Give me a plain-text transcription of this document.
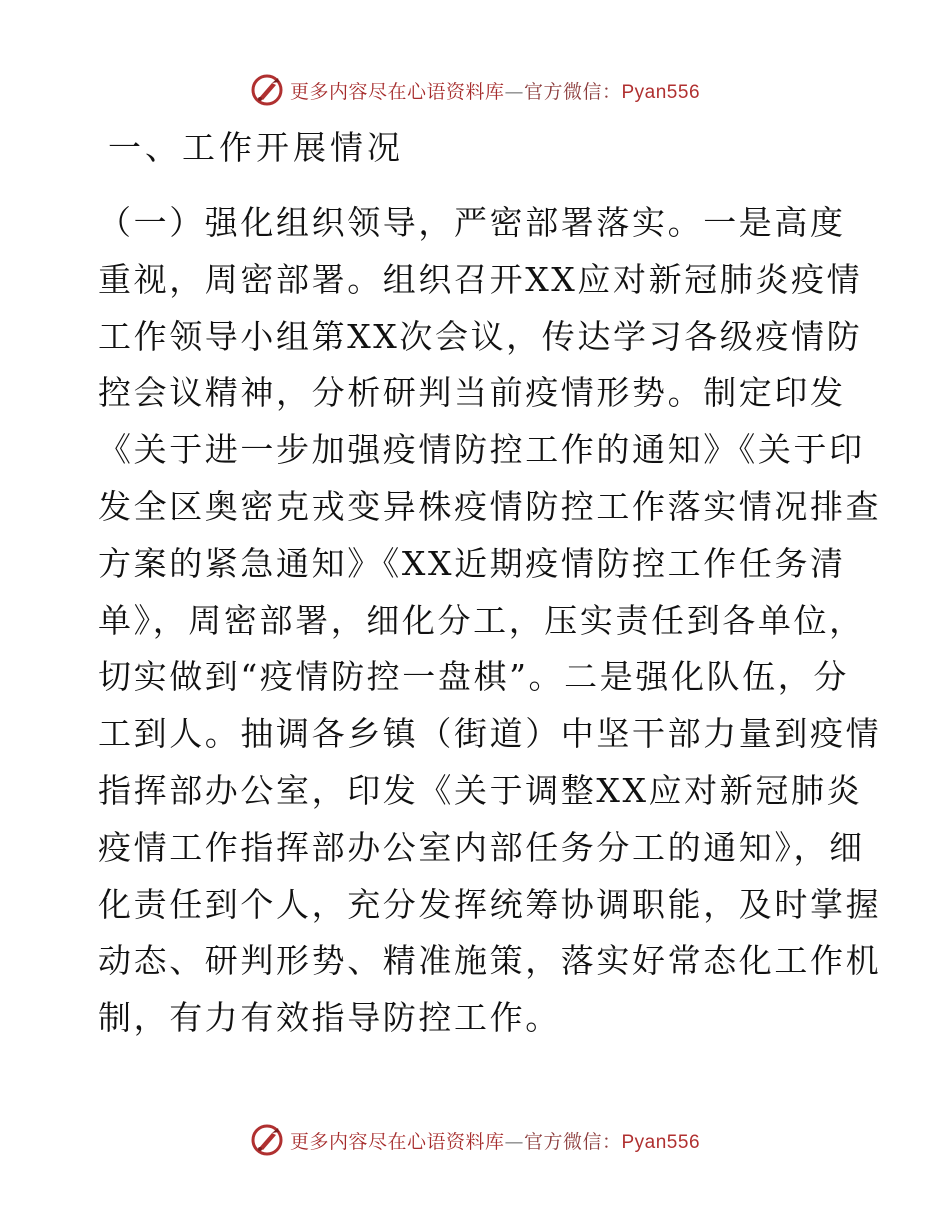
更多内容尽在心语资料库—官方微信：Pyan556
一、工作开展情况
（一）强化组织领导，严密部署落实。一是高度
重视，周密部署。组织召开XX应对新冠肺炎疫情
工作领导小组第XX次会议，传达学习各级疫情防
控会议精神，分析研判当前疫情形势。制定印发
《关于进一步加强疫情防控工作的通知》《关于印
发全区奥密克戎变异株疫情防控工作落实情况排查
方案的紧急通知》《XX近期疫情防控工作任务清
单》，周密部署，细化分工，压实责任到各单位，
切实做到“疫情防控一盘棋”。二是强化队伍，分
工到人。抽调各乡镇（街道）中坚干部力量到疫情
指挥部办公室，印发《关于调整XX应对新冠肺炎
疫情工作指挥部办公室内部任务分工的通知》，细
化责任到个人，充分发挥统筹协调职能，及时掌握
动态、研判形势、精准施策，落实好常态化工作机
制，有力有效指导防控工作。
更多内容尽在心语资料库—官方微信：Pyan556
